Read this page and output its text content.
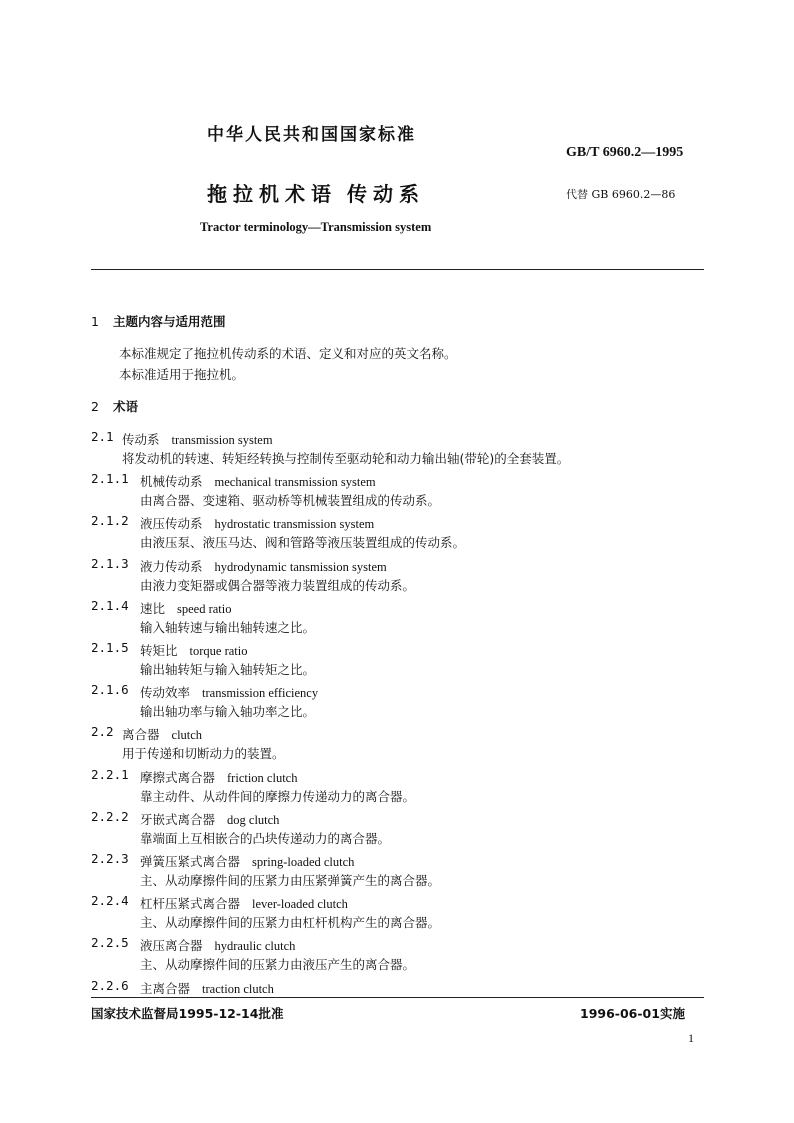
中华人民共和国国家标准
GB/T 6960.2—1995
拖拉机术语 传动系	代替 GB 6960.2—86
Tractor terminology—Transmission system
1 主题内容与适用范围
本标准规定了拖拉机传动系的术语、定义和对应的英文名称。
本标准适用于拖拉机。
2 术语
2.1 传动系 transmission system
将发动机的转速、转矩经转换与控制传至驱动轮和动力输出轴(带轮)的全套装置。
2.1.1 机械传动系 mechanical transmission system
由离合器、变速箱、驱动桥等机械装置组成的传动系。
2.1.2 液压传动系 hydrostatic transmission system
由液压泵、液压马达、阀和管路等液压装置组成的传动系。
2.1.3 液力传动系 hydrodynamic tansmission system
由液力变矩器或偶合器等液力装置组成的传动系。
2.1.4 速比 speed ratio
输入轴转速与输出轴转速之比。
2.1.5 转矩比 torque ratio
输出轴转矩与输入轴转矩之比。
2.1.6 传动效率 transmission efficiency
输出轴功率与输入轴功率之比。
2.2 离合器 clutch
用于传递和切断动力的装置。
2.2.1 摩擦式离合器 friction clutch
靠主动件、从动件间的摩擦力传递动力的离合器。
2.2.2 牙嵌式离合器 dog clutch
靠端面上互相嵌合的凸块传递动力的离合器。
2.2.3 弹簧压紧式离合器 spring-loaded clutch
主、从动摩擦件间的压紧力由压紧弹簧产生的离合器。
2.2.4 杠杆压紧式离合器 lever-loaded clutch
主、从动摩擦件间的压紧力由杠杆机构产生的离合器。
2.2.5 液压离合器 hydraulic clutch
主、从动摩擦件间的压紧力由液压产生的离合器。
2.2.6 主离合器 traction clutch
国家技术监督局1995-12-14批准	1996-06-01实施
1
